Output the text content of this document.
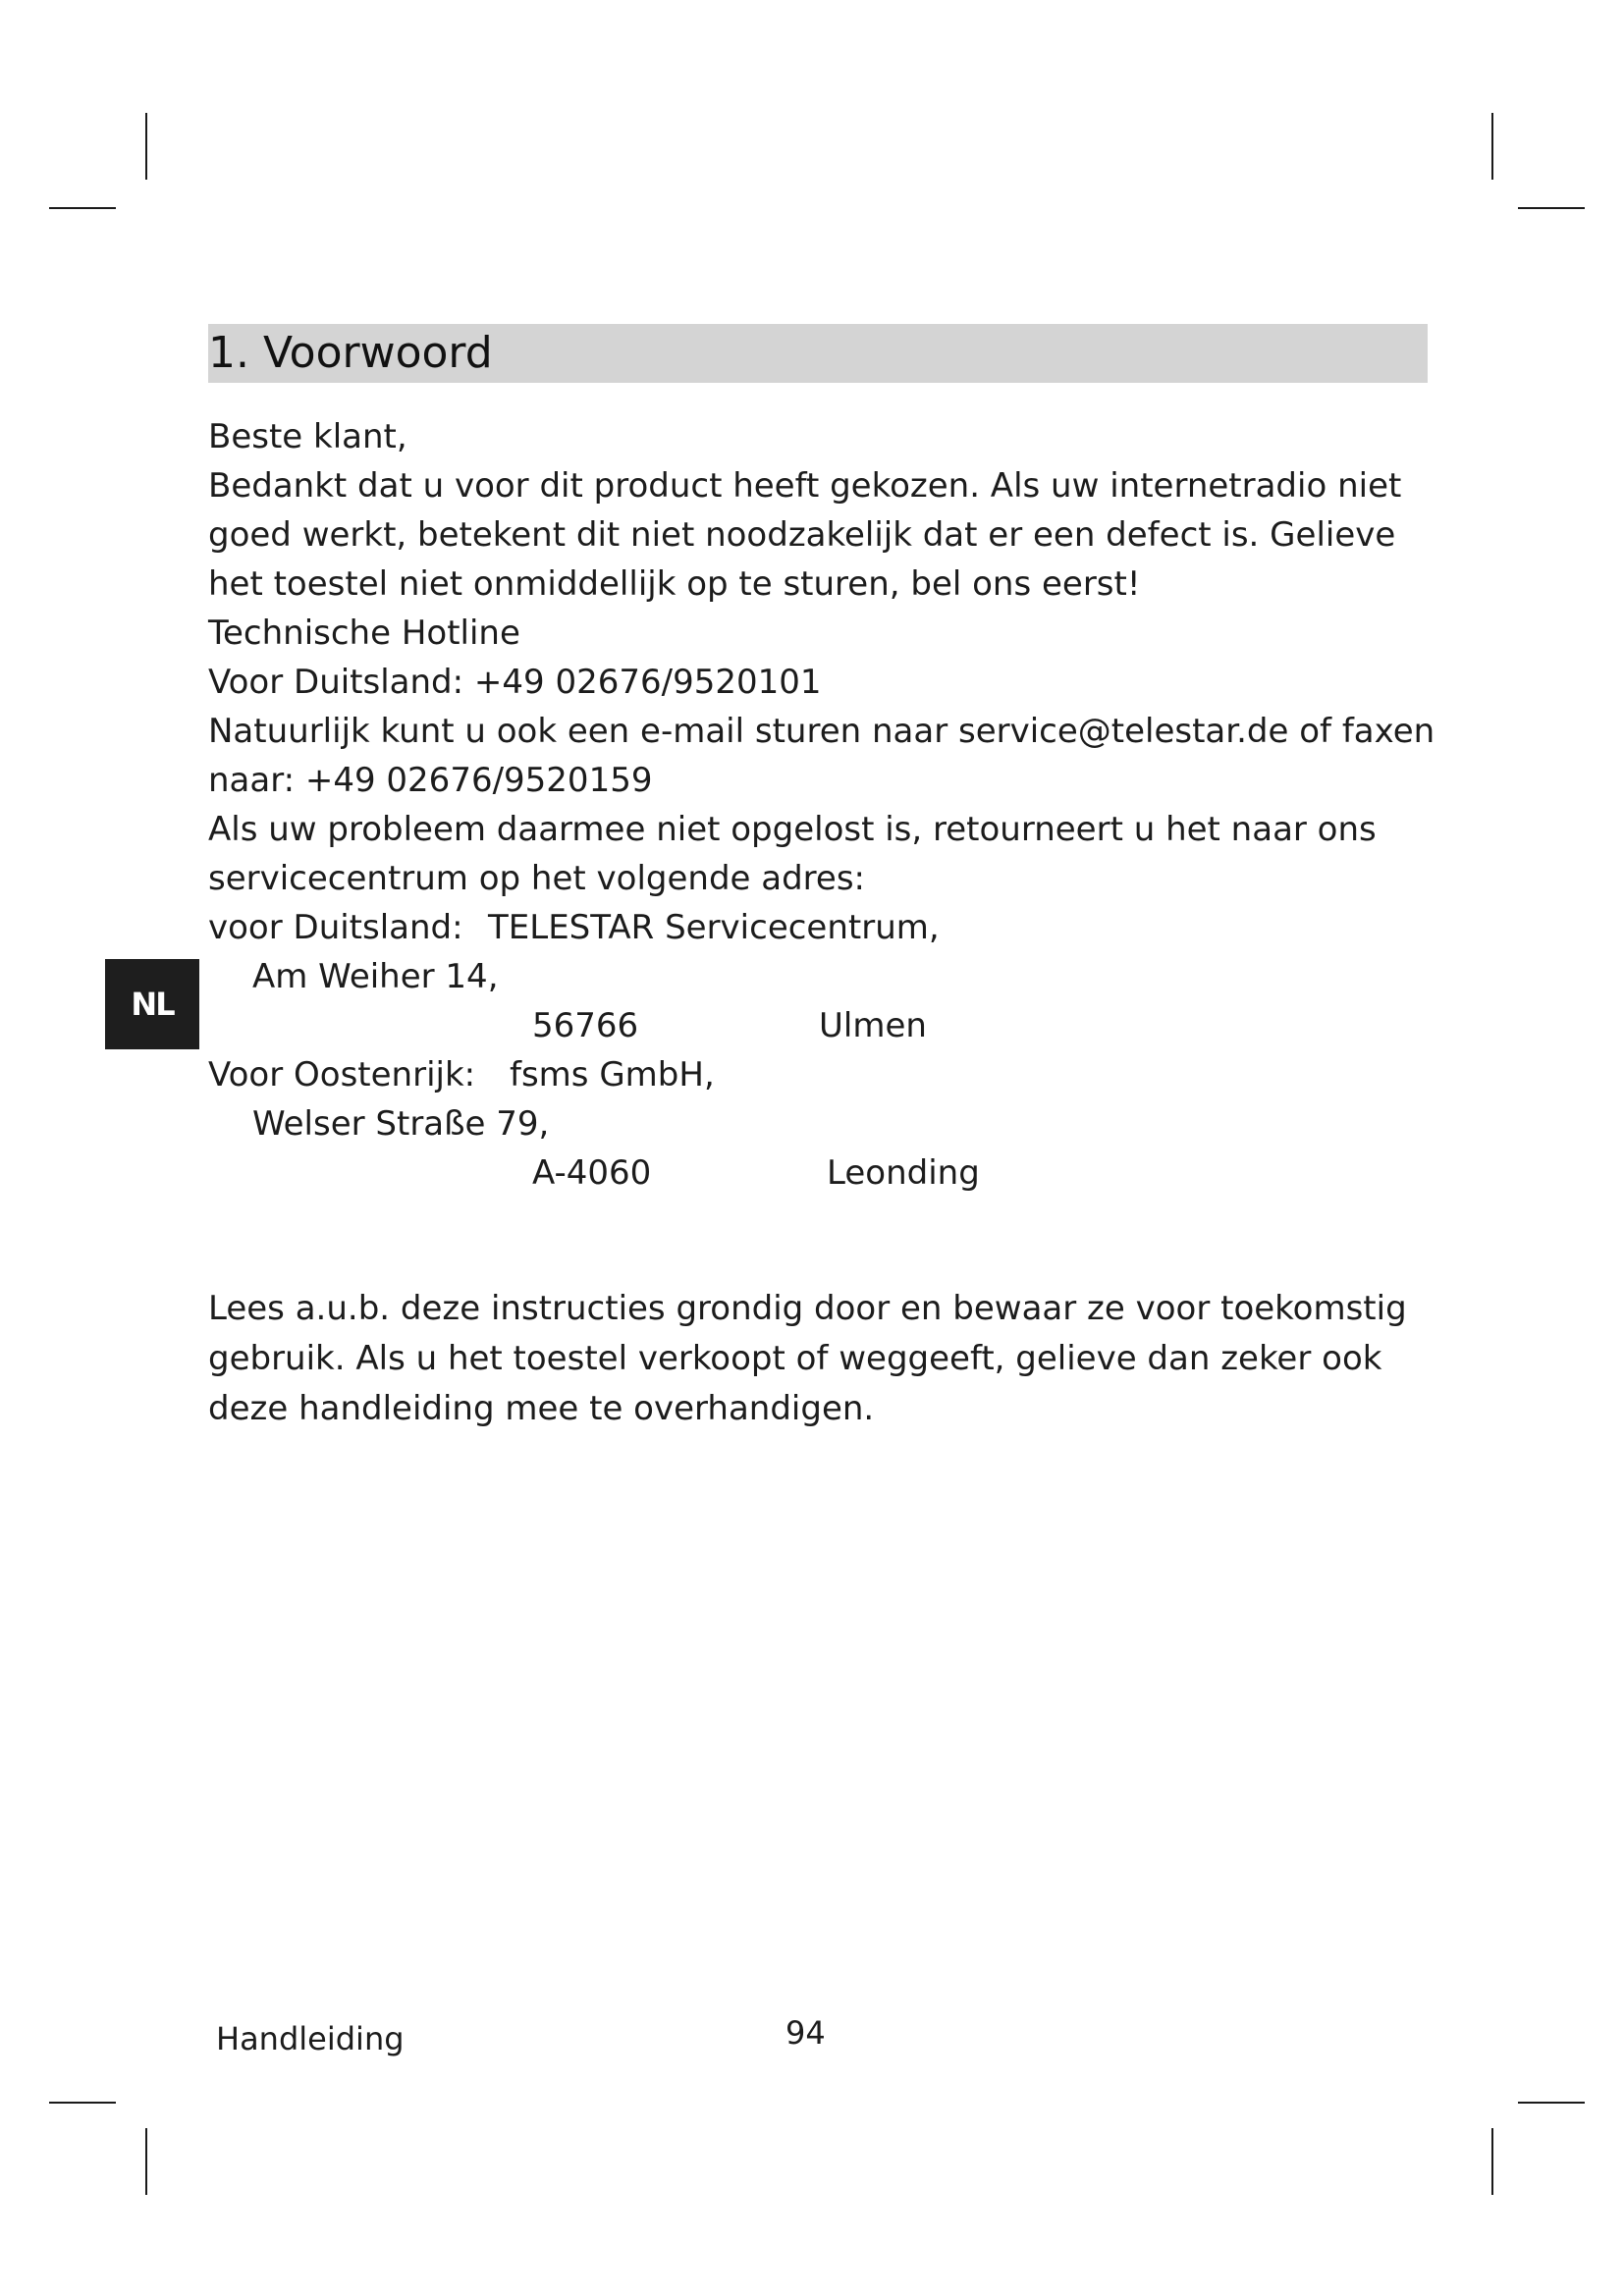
1. Voorwoord
Beste klant,
Bedankt dat u voor dit product heeft gekozen. Als uw internetradio niet
goed werkt, betekent dit niet noodzakelijk dat er een defect is. Gelieve
het toestel niet onmiddellijk op te sturen, bel ons eerst!
Technische Hotline
Voor Duitsland: +49 02676/9520101
Natuurlijk kunt u ook een e-mail sturen naar service@telestar.de of faxen
naar: +49 02676/9520159
Als uw probleem daarmee niet opgelost is, retourneert u het naar ons
servicecentrum op het volgende adres:
voor Duitsland: TELESTAR Servicecentrum,
Am Weiher 14,
56766	Ulmen
Voor Oostenrijk: fsms GmbH,
Welser Straße 79,
A-4060	Leonding
Lees a.u.b. deze instructies grondig door en bewaar ze voor toekomstig
gebruik. Als u het toestel verkoopt of weggeeft, gelieve dan zeker ook
deze handleiding mee te overhandigen.
NL
Handleiding	94
